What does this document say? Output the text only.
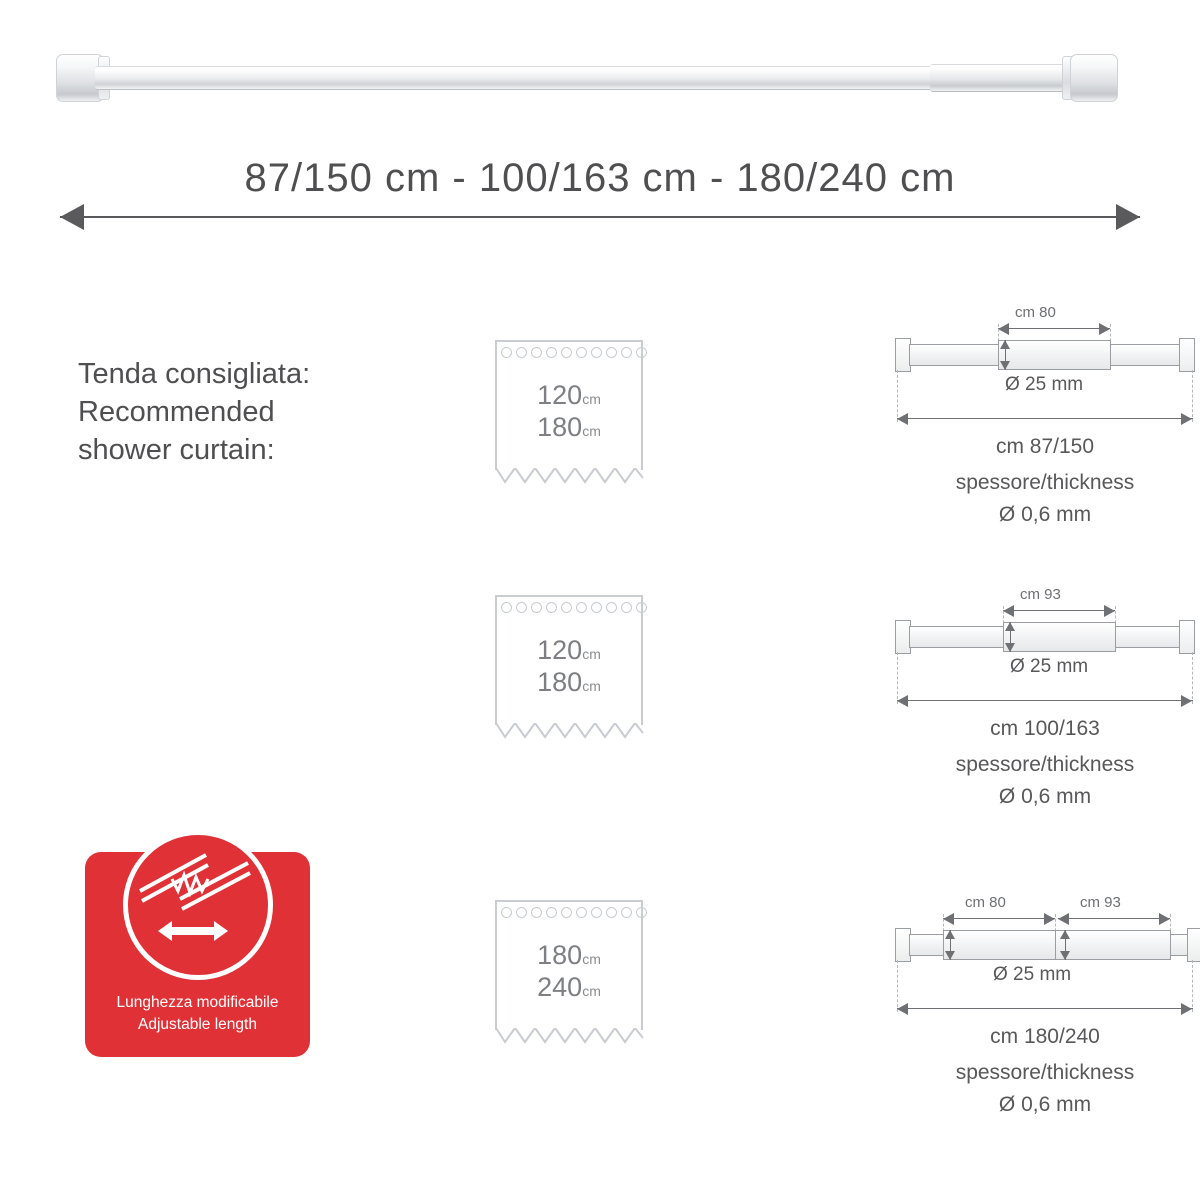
87/150 cm - 100/163 cm - 180/240 cm
Tenda consigliata:
Recommended
shower curtain:
120cm
180cm
120cm
180cm
180cm
240cm
cm 80
Ø 25 mm
cm 87/150
spessore/thickness
Ø 0,6 mm
cm 93
Ø 25 mm
cm 100/163
spessore/thickness
Ø 0,6 mm
cm 80	cm 93
Ø 25 mm
cm 180/240
spessore/thickness
Ø 0,6 mm
Lunghezza modificabile
Adjustable length
